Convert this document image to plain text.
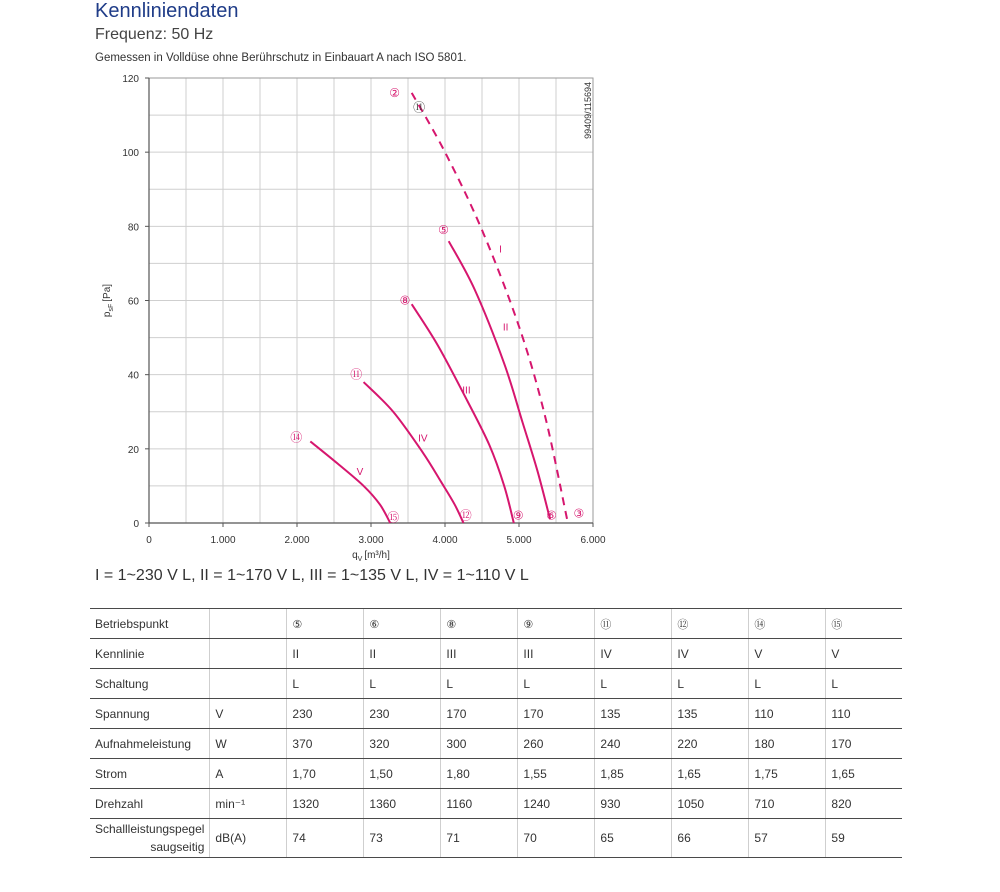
Kennliniendaten
Frequenz: 50 Hz
Gemessen in Volldüse ohne Berührschutz in Einbauart A nach ISO 5801.
0	1.000	2.000	3.000	4.000	5.000	6.000
0
20
40
60
80
100
120
$q_V$ [m³/h]
$p_{sF}[Pa]$
99409/115694
I
II
III
IV
V
②
⑪
⑤
⑧
⑪
⑭
⑮	⑫	⑨ ⑥ ③
I = 1~230 V L, II = 1~170 V L, III = 1~135 V L, IV = 1~110 V L
Betriebspunkt		⑤	⑥	⑧	⑨	⑪	⑫	⑭	⑮
Kennlinie		II	II	III	III	IV	IV	V	V
Schaltung		L	L	L	L	L	L	L	L
Spannung	V	230	230	170	170	135	135	110	110
Aufnahmeleistung	W	370	320	300	260	240	220	180	170
Strom	A	1,70	1,50	1,80	1,55	1,85	1,65	1,75	1,65
Drehzahl	min⁻¹	1320	1360	1160	1240	930	1050	710	820

Schallleistungspegel
saugseitig	dB(A)	74	73	71	70	65	66	57	59
